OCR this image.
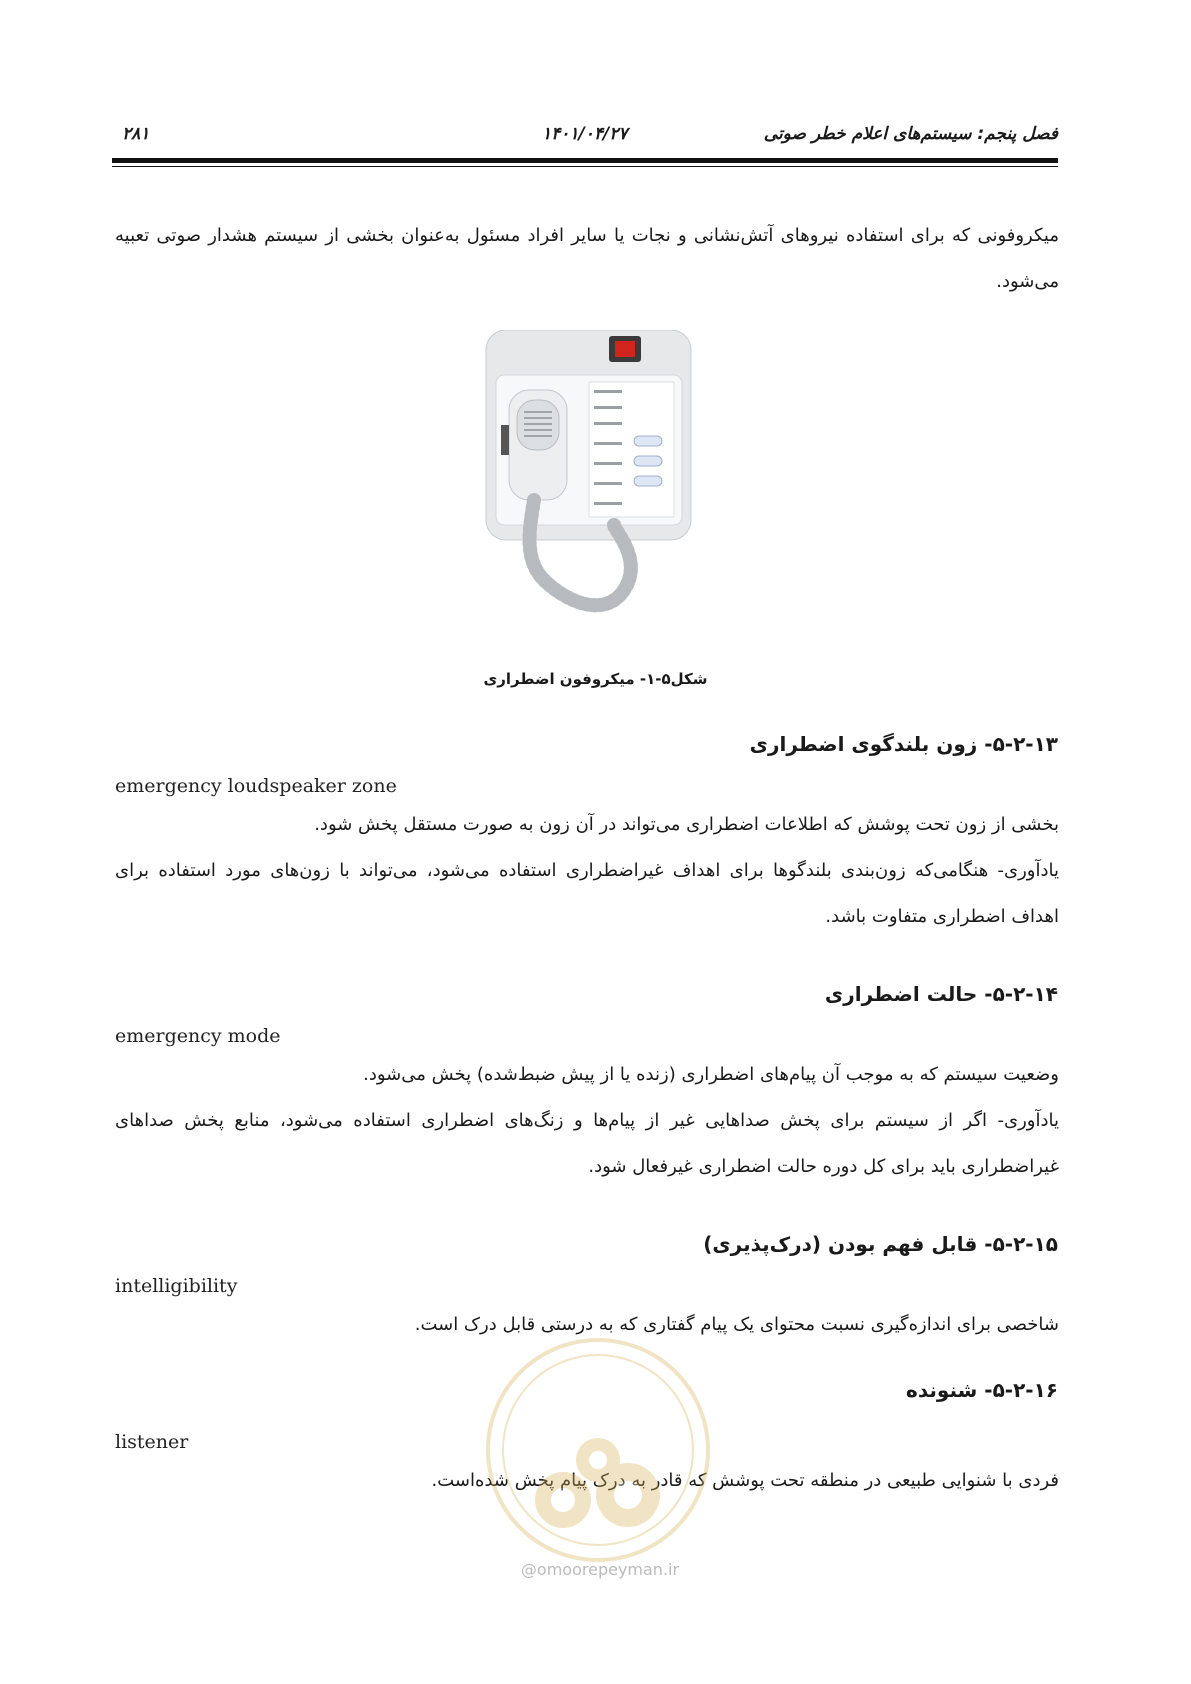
فصل پنجم: سیستم‌های اعلام خطر صوتی
۱۴۰۱/۰۴/۲۷
۲۸۱
میکروفونی که برای استفاده نیروهای آتش‌نشانی و نجات یا سایر افراد مسئول به‌عنوان بخشی از سیستم هشدار صوتی تعبیه می‌شود.
شکل۵-۱- میکروفون اضطراری
۵-۲-۱۳- زون بلندگوی اضطراری
emergency loudspeaker zone
بخشی از زون تحت پوشش که اطلاعات اضطراری می‌تواند در آن زون به صورت مستقل پخش شود.
یادآوری- هنگامی‌که زون‌بندی بلندگوها برای اهداف غیراضطراری استفاده می‌شود، می‌تواند با زون‌های مورد استفاده برای اهداف اضطراری متفاوت باشد.
۵-۲-۱۴- حالت اضطراری
emergency mode
وضعیت سیستم که به موجب آن پیام‌های اضطراری (زنده یا از پیش ضبط‌شده) پخش می‌شود.
یادآوری- اگر از سیستم برای پخش صداهایی غیر از پیام‌ها و زنگ‌های اضطراری استفاده می‌شود، منابع پخش صداهای غیراضطراری باید برای کل دوره حالت اضطراری غیرفعال شود.
۵-۲-۱۵- قابل فهم بودن (درک‌پذیری)
intelligibility
شاخصی برای اندازه‌گیری نسبت محتوای یک پیام گفتاری که به درستی قابل درک است.
۵-۲-۱۶- شنونده
listener
فردی با شنوایی طبیعی در منطقه تحت پوشش که قادر به درک پیام پخش شده‌است.
@omoorepeyman.ir
